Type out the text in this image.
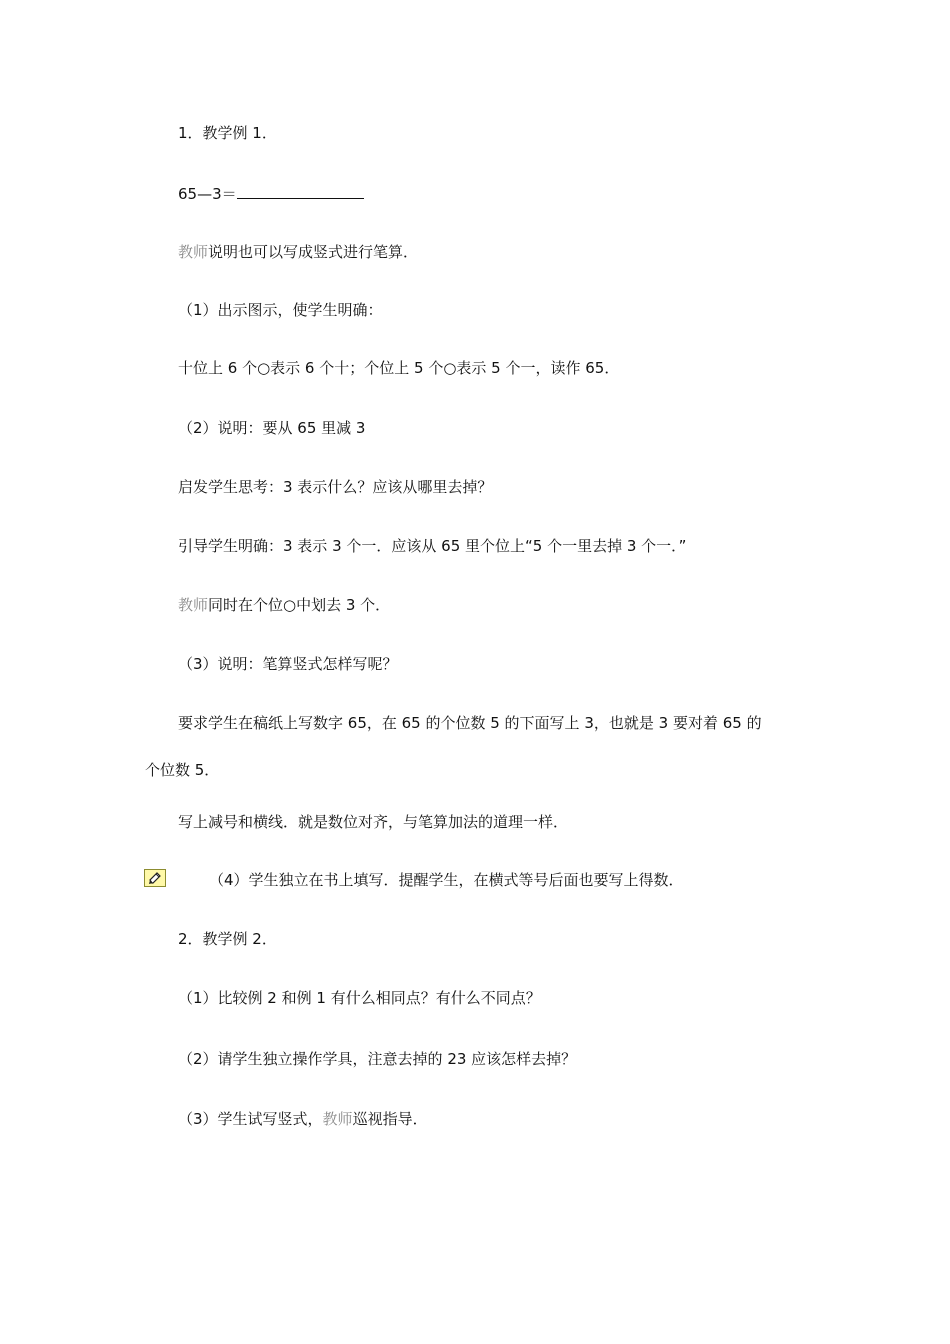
1．教学例 1．
65—3＝
教师说明也可以写成竖式进行笔算．
（1）出示图示，使学生明确：
十位上 6 个○表示 6 个十；个位上 5 个○表示 5 个一，读作 65．
（2）说明：要从 65 里减 3
启发学生思考：3 表示什么？应该从哪里去掉？
引导学生明确：3 表示 3 个一．应该从 65 里个位上“5 个一里去掉 3 个一．”
教师同时在个位○中划去 3 个．
（3）说明：笔算竖式怎样写呢？
要求学生在稿纸上写数字 65，在 65 的个位数 5 的下面写上 3，也就是 3 要对着 65 的
个位数 5．
写上减号和横线．就是数位对齐，与笔算加法的道理一样．
（4）学生独立在书上填写．提醒学生，在横式等号后面也要写上得数．
2．教学例 2．
（1）比较例 2 和例 1 有什么相同点？有什么不同点？
（2）请学生独立操作学具，注意去掉的 23 应该怎样去掉？
（3）学生试写竖式，教师巡视指导．
